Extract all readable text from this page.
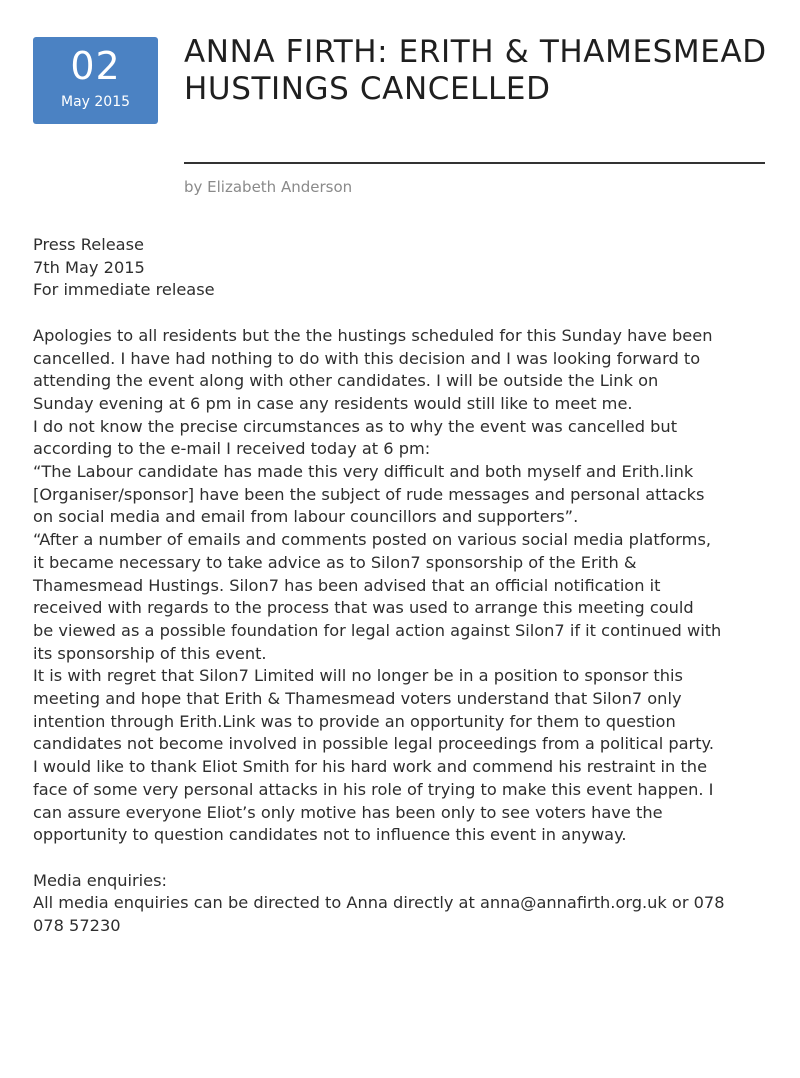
02
May 2015
ANNA FIRTH: ERITH & THAMESMEAD HUSTINGS CANCELLED
by Elizabeth Anderson
Press Release
7th May 2015
For immediate release
Apologies to all residents but the the hustings scheduled for this Sunday have been
cancelled. I have had nothing to do with this decision and I was looking forward to
attending the event along with other candidates. I will be outside the Link on
Sunday evening at 6 pm in case any residents would still like to meet me.
I do not know the precise circumstances as to why the event was cancelled but
according to the e-mail I received today at 6 pm:
“The Labour candidate has made this very difficult and both myself and Erith.link
[Organiser/sponsor] have been the subject of rude messages and personal attacks
on social media and email from labour councillors and supporters”.
“After a number of emails and comments posted on various social media platforms,
it became necessary to take advice as to Silon7 sponsorship of the Erith &
Thamesmead Hustings. Silon7 has been advised that an official notification it
received with regards to the process that was used to arrange this meeting could
be viewed as a possible foundation for legal action against Silon7 if it continued with
its sponsorship of this event.
It is with regret that Silon7 Limited will no longer be in a position to sponsor this
meeting and hope that Erith & Thamesmead voters understand that Silon7 only
intention through Erith.Link was to provide an opportunity for them to question
candidates not become involved in possible legal proceedings from a political party.
I would like to thank Eliot Smith for his hard work and commend his restraint in the
face of some very personal attacks in his role of trying to make this event happen. I
can assure everyone Eliot’s only motive has been only to see voters have the
opportunity to question candidates not to influence this event in anyway.
Media enquiries:
All media enquiries can be directed to Anna directly at anna@annafirth.org.uk or 078
078 57230
